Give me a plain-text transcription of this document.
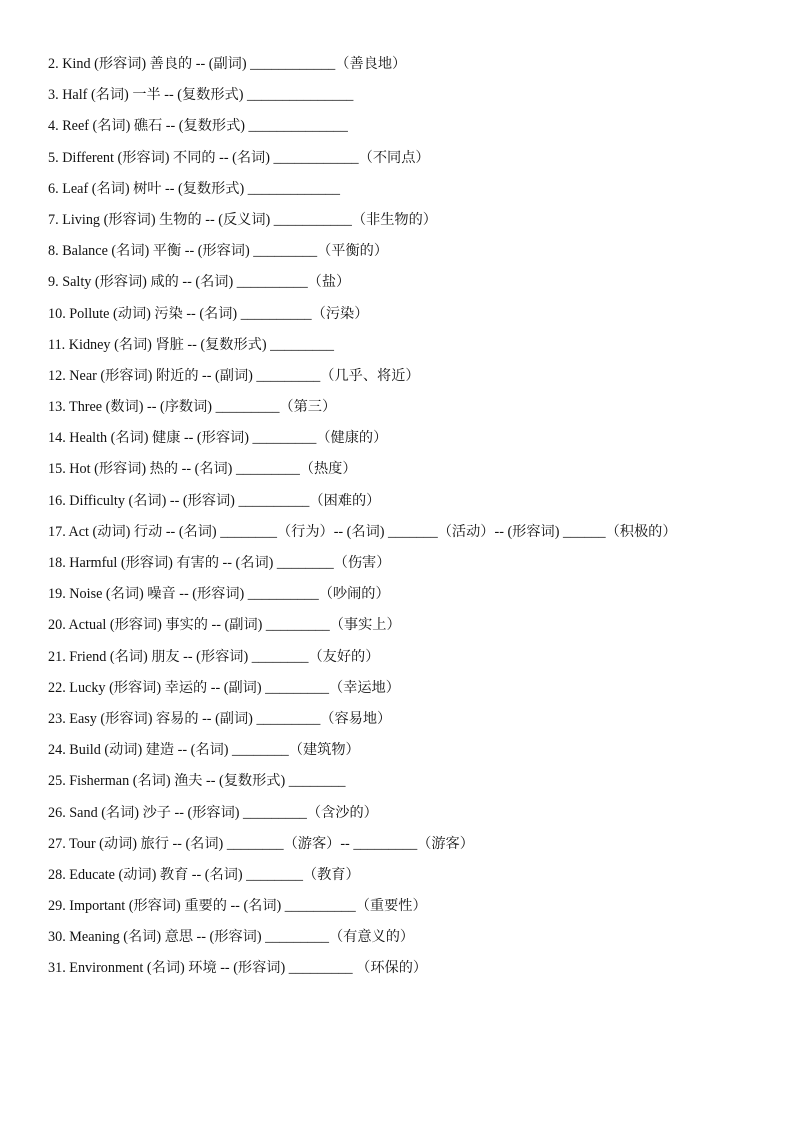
2. Kind (形容词) 善良的 -- (副词) ____________（善良地）
3. Half (名词) 一半 -- (复数形式) _______________
4. Reef (名词) 礁石 -- (复数形式) ______________
5. Different (形容词) 不同的 -- (名词) ____________（不同点）
6. Leaf (名词) 树叶 -- (复数形式) _____________
7. Living (形容词) 生物的 -- (反义词) ___________（非生物的）
8. Balance (名词) 平衡 -- (形容词) _________（平衡的）
9. Salty (形容词) 咸的 -- (名词) __________（盐）
10. Pollute (动词) 污染 -- (名词) __________（污染）
11. Kidney (名词) 肾脏 -- (复数形式) _________
12. Near (形容词) 附近的 -- (副词) _________（几乎、将近）
13. Three (数词) -- (序数词) _________（第三）
14. Health (名词) 健康 -- (形容词) _________（健康的）
15. Hot (形容词) 热的 -- (名词) _________（热度）
16. Difficulty (名词) -- (形容词) __________（困难的）
17. Act (动词) 行动 -- (名词) ________（行为）-- (名词) _______（活动）-- (形容词) ______（积极的）
18. Harmful (形容词) 有害的 -- (名词) ________（伤害）
19. Noise (名词) 噪音 -- (形容词) __________（吵闹的）
20. Actual (形容词) 事实的 -- (副词) _________（事实上）
21. Friend (名词) 朋友 -- (形容词) ________（友好的）
22. Lucky (形容词) 幸运的 -- (副词) _________（幸运地）
23. Easy (形容词) 容易的 -- (副词) _________（容易地）
24. Build (动词) 建造 -- (名词) ________（建筑物）
25. Fisherman (名词) 渔夫 -- (复数形式) ________
26. Sand (名词) 沙子 -- (形容词) _________（含沙的）
27. Tour (动词) 旅行 -- (名词) ________（游客）-- _________（游客）
28. Educate (动词) 教育 -- (名词) ________（教育）
29. Important (形容词) 重要的 -- (名词) __________（重要性）
30. Meaning (名词) 意思 -- (形容词) _________（有意义的）
31. Environment (名词) 环境 -- (形容词) _________ （环保的）
